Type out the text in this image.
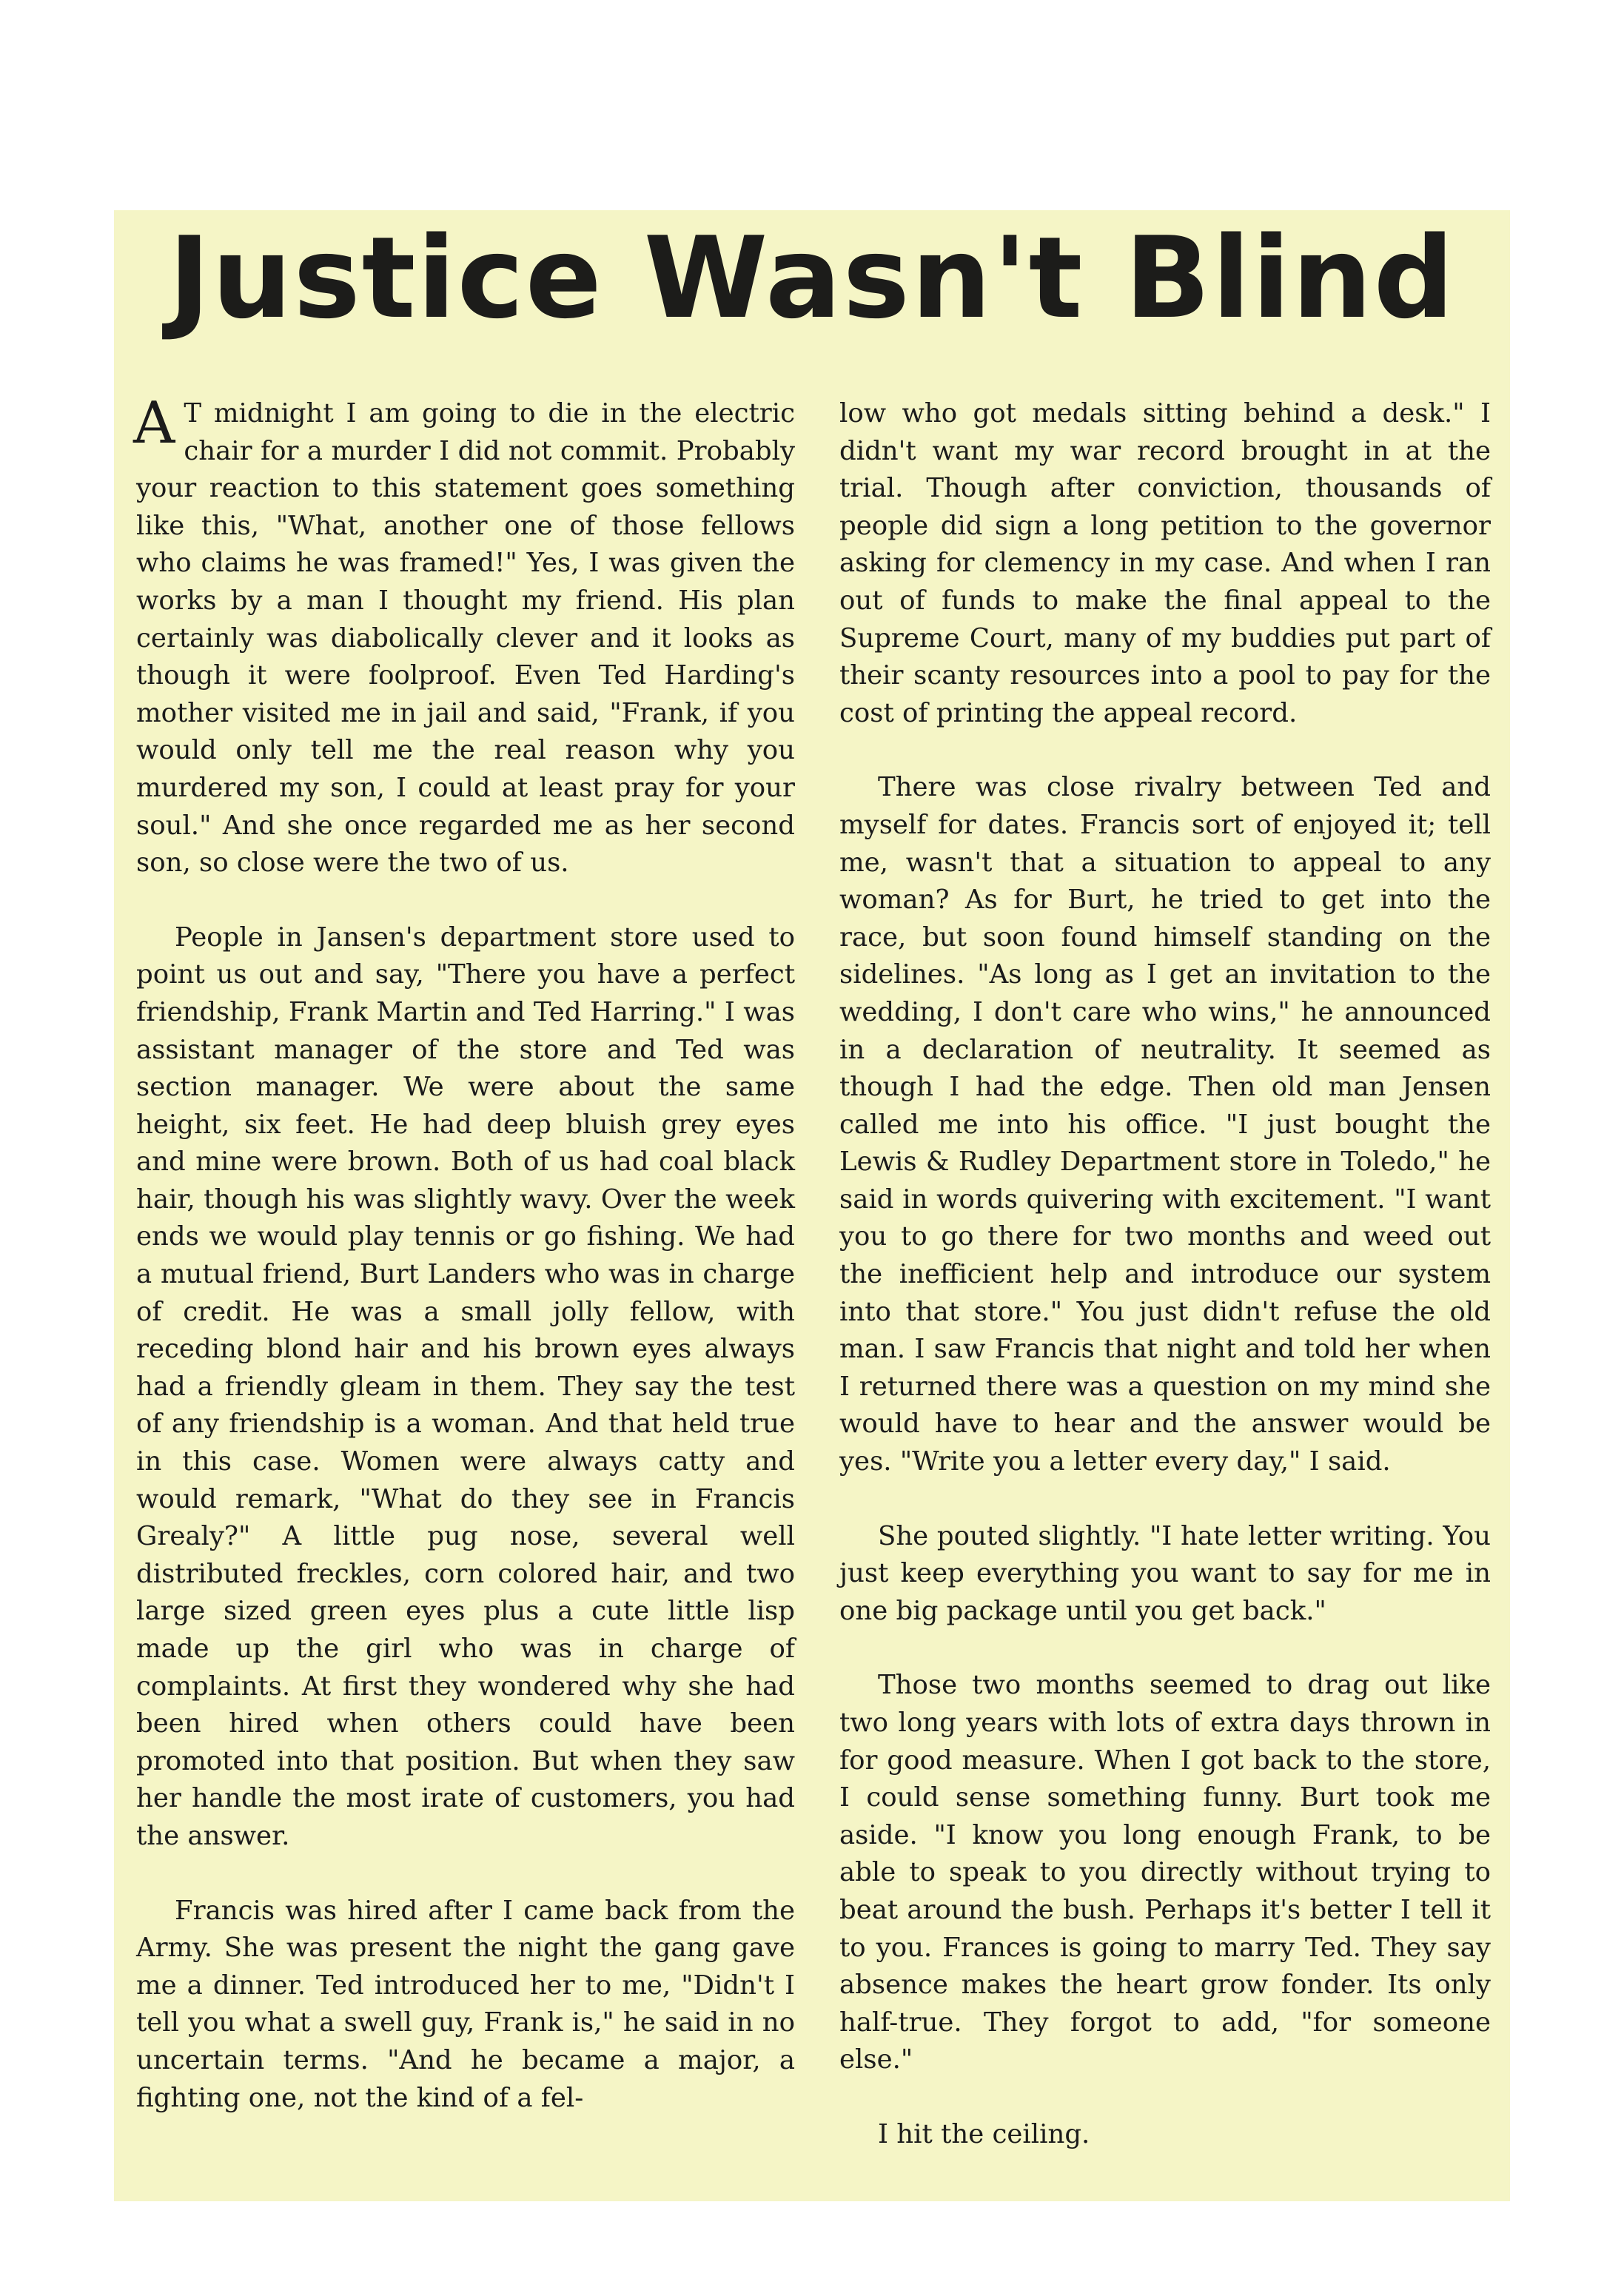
Justice Wasn't Blind

A T midnight I am going to die in the electric chair for a murder I did not commit. Probably your reaction to this statement goes something like this, "What, another one of those fellows who claims he was framed!" Yes, I was given the works by a man I thought my friend. His plan certainly was diabolically clever and it looks as though it were foolproof. Even Ted Harding's mother visited me in jail and said, "Frank, if you would only tell me the real reason why you murdered my son, I could at least pray for your soul." And she once regarded me as her second son, so close were the two of us.

People in Jansen's department store used to point us out and say, "There you have a perfect friendship, Frank Martin and Ted Harring." I was assistant manager of the store and Ted was section manager. We were about the same height, six feet. He had deep bluish grey eyes and mine were brown. Both of us had coal black hair, though his was slightly wavy. Over the week ends we would play tennis or go fishing. We had a mutual friend, Burt Landers who was in charge of credit. He was a small jolly fellow, with receding blond hair and his brown eyes always had a friendly gleam in them. They say the test of any friendship is a woman. And that held true in this case. Women were always catty and would remark, "What do they see in Francis Grealy?" A little pug nose, several well distributed freckles, corn colored hair, and two large sized green eyes plus a cute little lisp made up the girl who was in charge of complaints. At first they wondered why she had been hired when others could have been promoted into that position. But when they saw her handle the most irate of customers, you had the answer.

Francis was hired after I came back from the Army. She was present the night the gang gave me a dinner. Ted introduced her to me, "Didn't I tell you what a swell guy, Frank is," he said in no uncertain terms. "And he became a major, a fighting one, not the kind of a fel-

low who got medals sitting behind a desk." I didn't want my war record brought in at the trial. Though after conviction, thousands of people did sign a long petition to the governor asking for clemency in my case. And when I ran out of funds to make the final appeal to the Supreme Court, many of my buddies put part of their scanty resources into a pool to pay for the cost of printing the appeal record.

There was close rivalry between Ted and myself for dates. Francis sort of enjoyed it; tell me, wasn't that a situation to appeal to any woman? As for Burt, he tried to get into the race, but soon found himself standing on the sidelines. "As long as I get an invitation to the wedding, I don't care who wins," he announced in a declaration of neutrality. It seemed as though I had the edge. Then old man Jensen called me into his office. "I just bought the Lewis & Rudley Department store in Toledo," he said in words quivering with excitement. "I want you to go there for two months and weed out the inefficient help and introduce our system into that store." You just didn't refuse the old man. I saw Francis that night and told her when I returned there was a question on my mind she would have to hear and the answer would be yes. "Write you a letter every day," I said.

She pouted slightly. "I hate letter writing. You just keep everything you want to say for me in one big package until you get back."

Those two months seemed to drag out like two long years with lots of extra days thrown in for good measure. When I got back to the store, I could sense something funny. Burt took me aside. "I know you long enough Frank, to be able to speak to you directly without trying to beat around the bush. Perhaps it's better I tell it to you. Frances is going to marry Ted. They say absence makes the heart grow fonder. Its only half-true. They forgot to add, "for someone else."

I hit the ceiling.
